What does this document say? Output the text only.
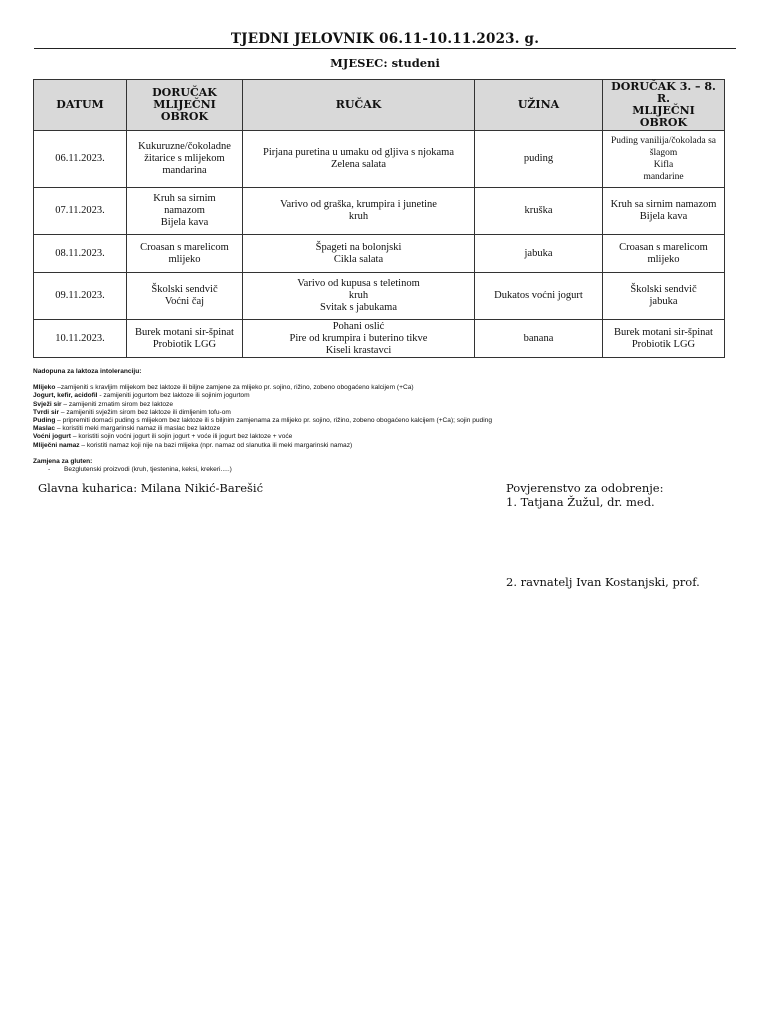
TJEDNI JELOVNIK 06.11-10.11.2023. g.
MJESEC: studeni
DATUM	DORUČAK
MLIJEČNI
OBROK	RUČAK	UŽINA	DORUČAK 3. – 8.
R.
MLIJEČNI
OBROK

06.11.2023.	Kukuruzne/čokoladne
žitarice s mlijekom
mandarina	Pirjana puretina u umaku od gljiva s njokama
Zelena salata	puding	Puding vanilija/čokolada sa
šlagom
Kifla
mandarine

07.11.2023.	Kruh sa sirnim
namazom
Bijela kava	Varivo od graška, krumpira i junetine
kruh	kruška	Kruh sa sirnim namazom
Bijela kava

08.11.2023.	Croasan s marelicom
mlijeko	Špageti na bolonjski
Cikla salata	jabuka	Croasan s marelicom
mlijeko

09.11.2023.	Školski sendvič
Voćni čaj	Varivo od kupusa s teletinom
kruh
Svitak s jabukama	Dukatos voćni jogurt	Školski sendvič
jabuka

10.11.2023.	Burek motani sir-špinat
Probiotik LGG	Pohani oslić
Pire od krumpira i buterino tikve
Kiseli krastavci	banana	Burek motani sir-špinat
Probiotik LGG
Nadopuna za laktoza intoleranciju:
Mlijeko –zamijeniti s kravljim mlijekom bez laktoze ili biljne zamjene za mlijeko pr. sojino, rižino, zobeno obogaćeno kalcijem (+Ca)
Jogurt, kefir, acidofil - zamijeniti jogurtom bez laktoze ili sojinim jogurtom
Svježi sir – zamijeniti zrnatim sirom bez laktoze
Tvrdi sir – zamijeniti svježim sirom bez laktoze ili dimljenim tofu-om
Puding – pripremiti domaći puding s mlijekom bez laktoze ili s biljnim zamjenama za mlijeko pr. sojino, rižino, zobeno obogaćeno kalcijem (+Ca); sojin puding
Maslac – koristiti meki margarinski namaz ili maslac bez laktoze
Voćni jogurt – koristiti sojin voćni jogurt ili sojin jogurt + voće ili jogurt bez laktoze + voće
Mliječni namaz – koristiti namaz koji nije na bazi mlijeka (npr. namaz od slanutka ili meki margarinski namaz)
Zamjena za gluten:
- Bezglutenski proizvodi (kruh, tjestenina, keksi, krekeri.....)
Glavna kuharica: Milana Nikić-Barešić	Povjerenstvo za odobrenje:
1. Tatjana Žužul, dr. med.
2. ravnatelj Ivan Kostanjski, prof.
